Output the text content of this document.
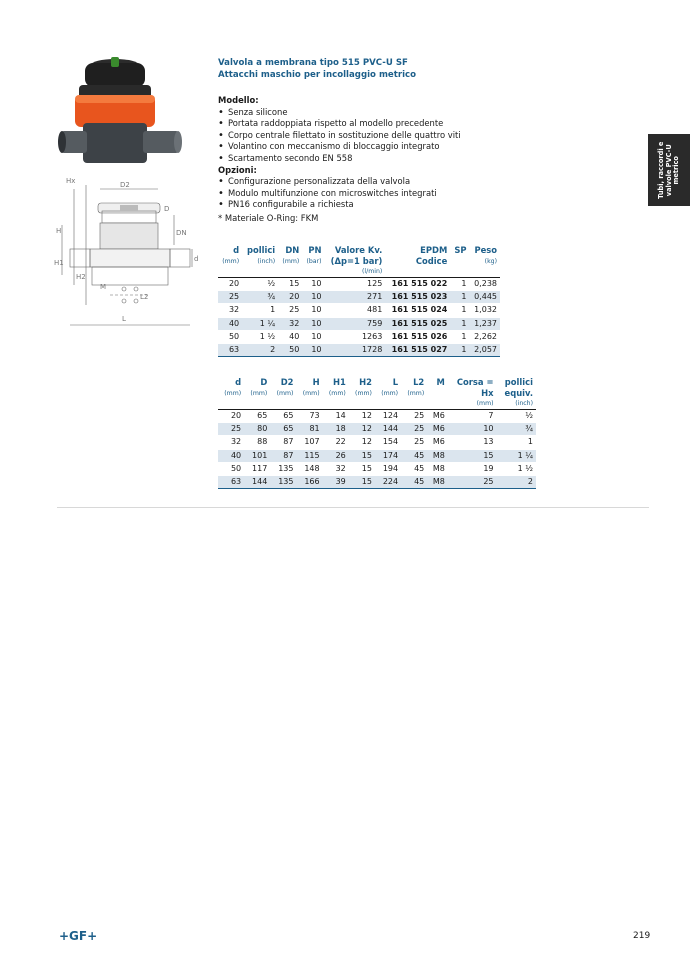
D2
D
H	DN
d
H1
H2
M
L2
L
Hx
Valvola a membrana tipo 515 PVC-U SF
Attacchi maschio per incollaggio metrico
Modello:
• Senza silicone
• Portata raddoppiata rispetto al modello precedente
• Corpo centrale filettato in sostituzione delle quattro viti
• Volantino con meccanismo di bloccaggio integrato
• Scartamento secondo EN 558
Opzioni:
• Configurazione personalizzata della valvola
• Modulo multifunzione con microswitches integrati
• PN16 configurabile a richiesta
* Materiale O-Ring: FKM
Tubi, raccordi e valvole PVC-U metrico
d	pollici	DN	PN	Valore Kv.	EPDM	SP	Peso
(mm)	(inch)	(mm)	(bar)	(Δp=1 bar)	Codice		(kg)
				(l/min)			
20	½	15	10	125	161 515 022	1	0,238
25	¾	20	10	271	161 515 023	1	0,445
32	1	25	10	481	161 515 024	1	1,032
40	1 ¼	32	10	759	161 515 025	1	1,237
50	1 ½	40	10	1263	161 515 026	1	2,262
63	2	50	10	1728	161 515 027	1	2,057
d	D	D2	H	H1	H2	L	L2	M	Corsa =	pollici
(mm)	(mm)	(mm)	(mm)	(mm)	(mm)	(mm)	(mm)		Hx	equiv.
									(mm)	(inch)
20	65	65	73	14	12	124	25	M6	7	½
25	80	65	81	18	12	144	25	M6	10	¾
32	88	87	107	22	12	154	25	M6	13	1
40	101	87	115	26	15	174	45	M8	15	1 ¼
50	117	135	148	32	15	194	45	M8	19	1 ½
63	144	135	166	39	15	224	45	M8	25	2
+GF+	219
